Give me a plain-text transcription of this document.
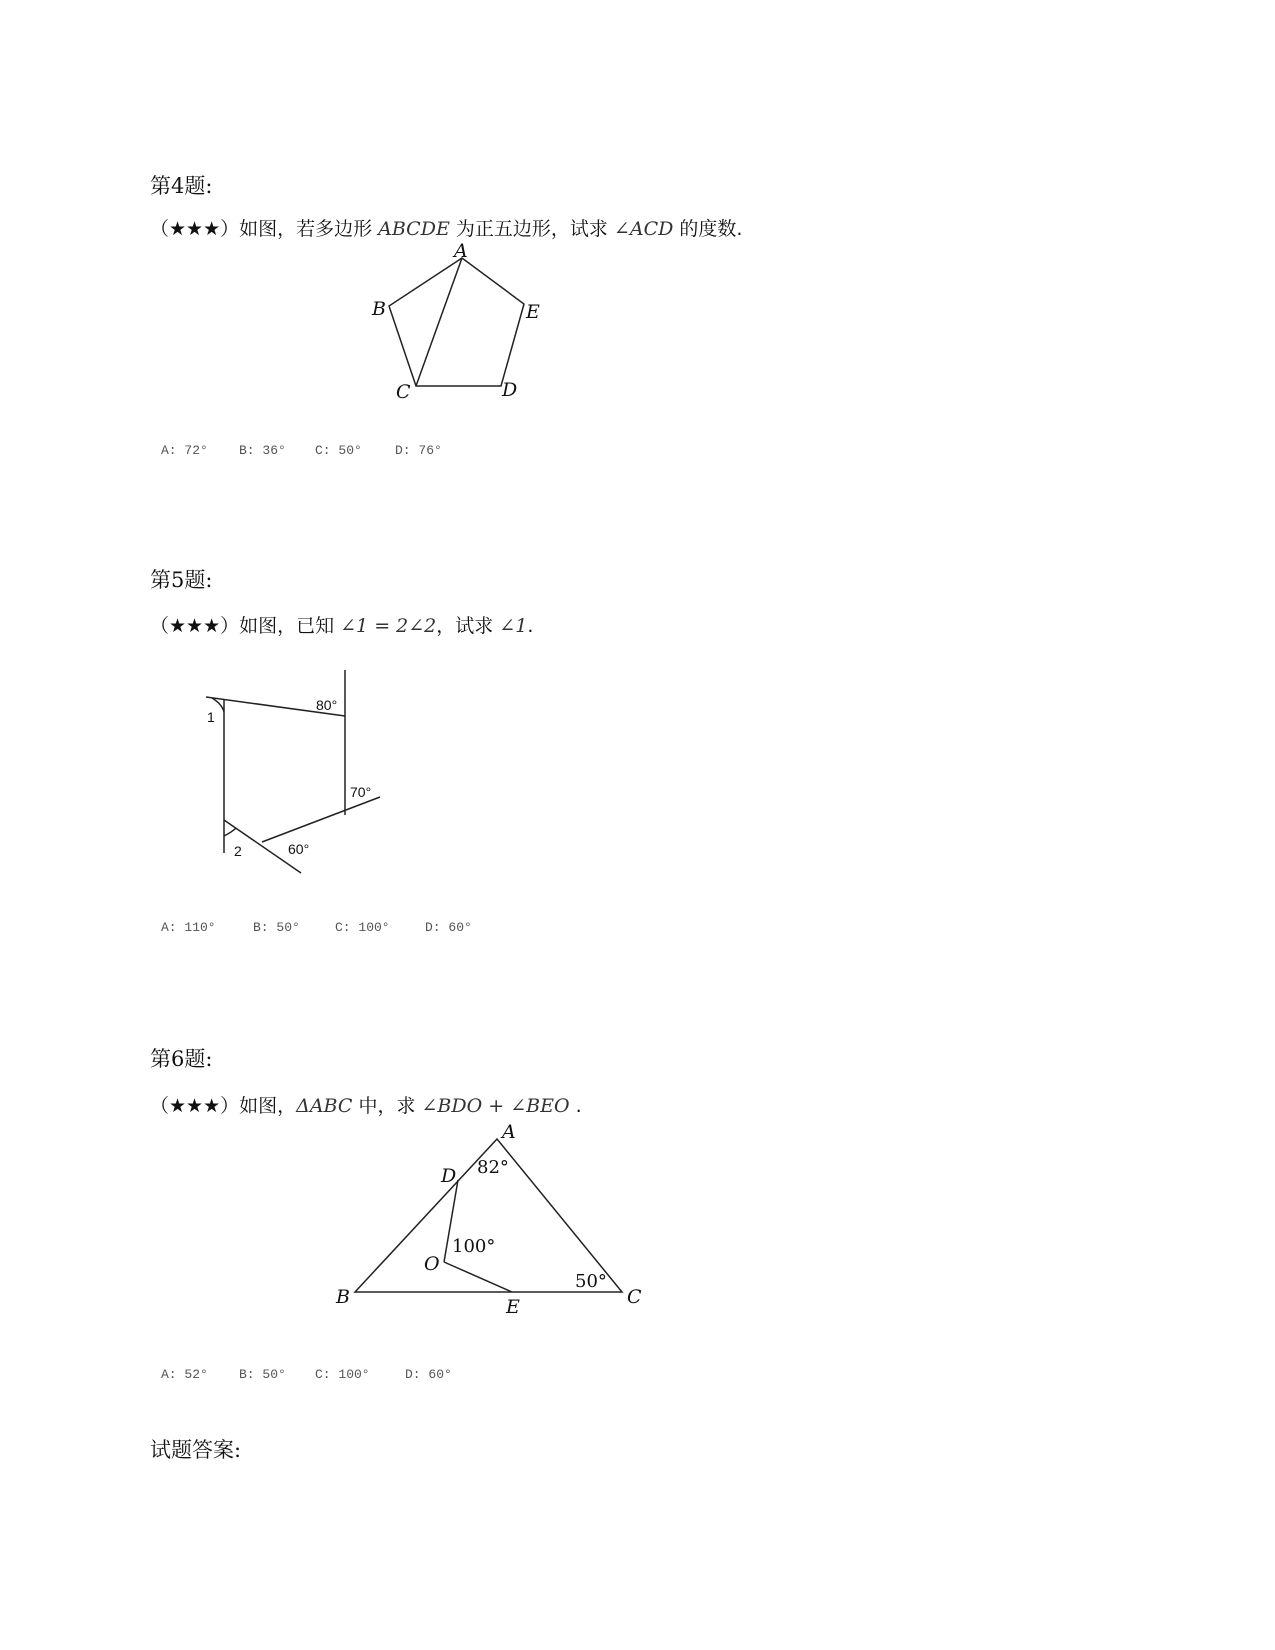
第4题:
（★★★）如图，若多边形 ABCDE 为正五边形，试求 ∠ACD 的度数.
A
B
C	D
E
A: 72° B: 36° C: 50°	D: 76°
第5题:
（★★★）如图，已知 ∠1 = 2∠2，试求 ∠1.
1
80°
70°
2	60°
A: 110°	B: 50°	C: 100°	D: 60°
第6题:
（★★★）如图，ΔABC 中，求 ∠BDO + ∠BEO .
A
82°
D
100°
O
50°
B	E	C
A: 52° B: 50° C: 100°	D: 60°
试题答案:
